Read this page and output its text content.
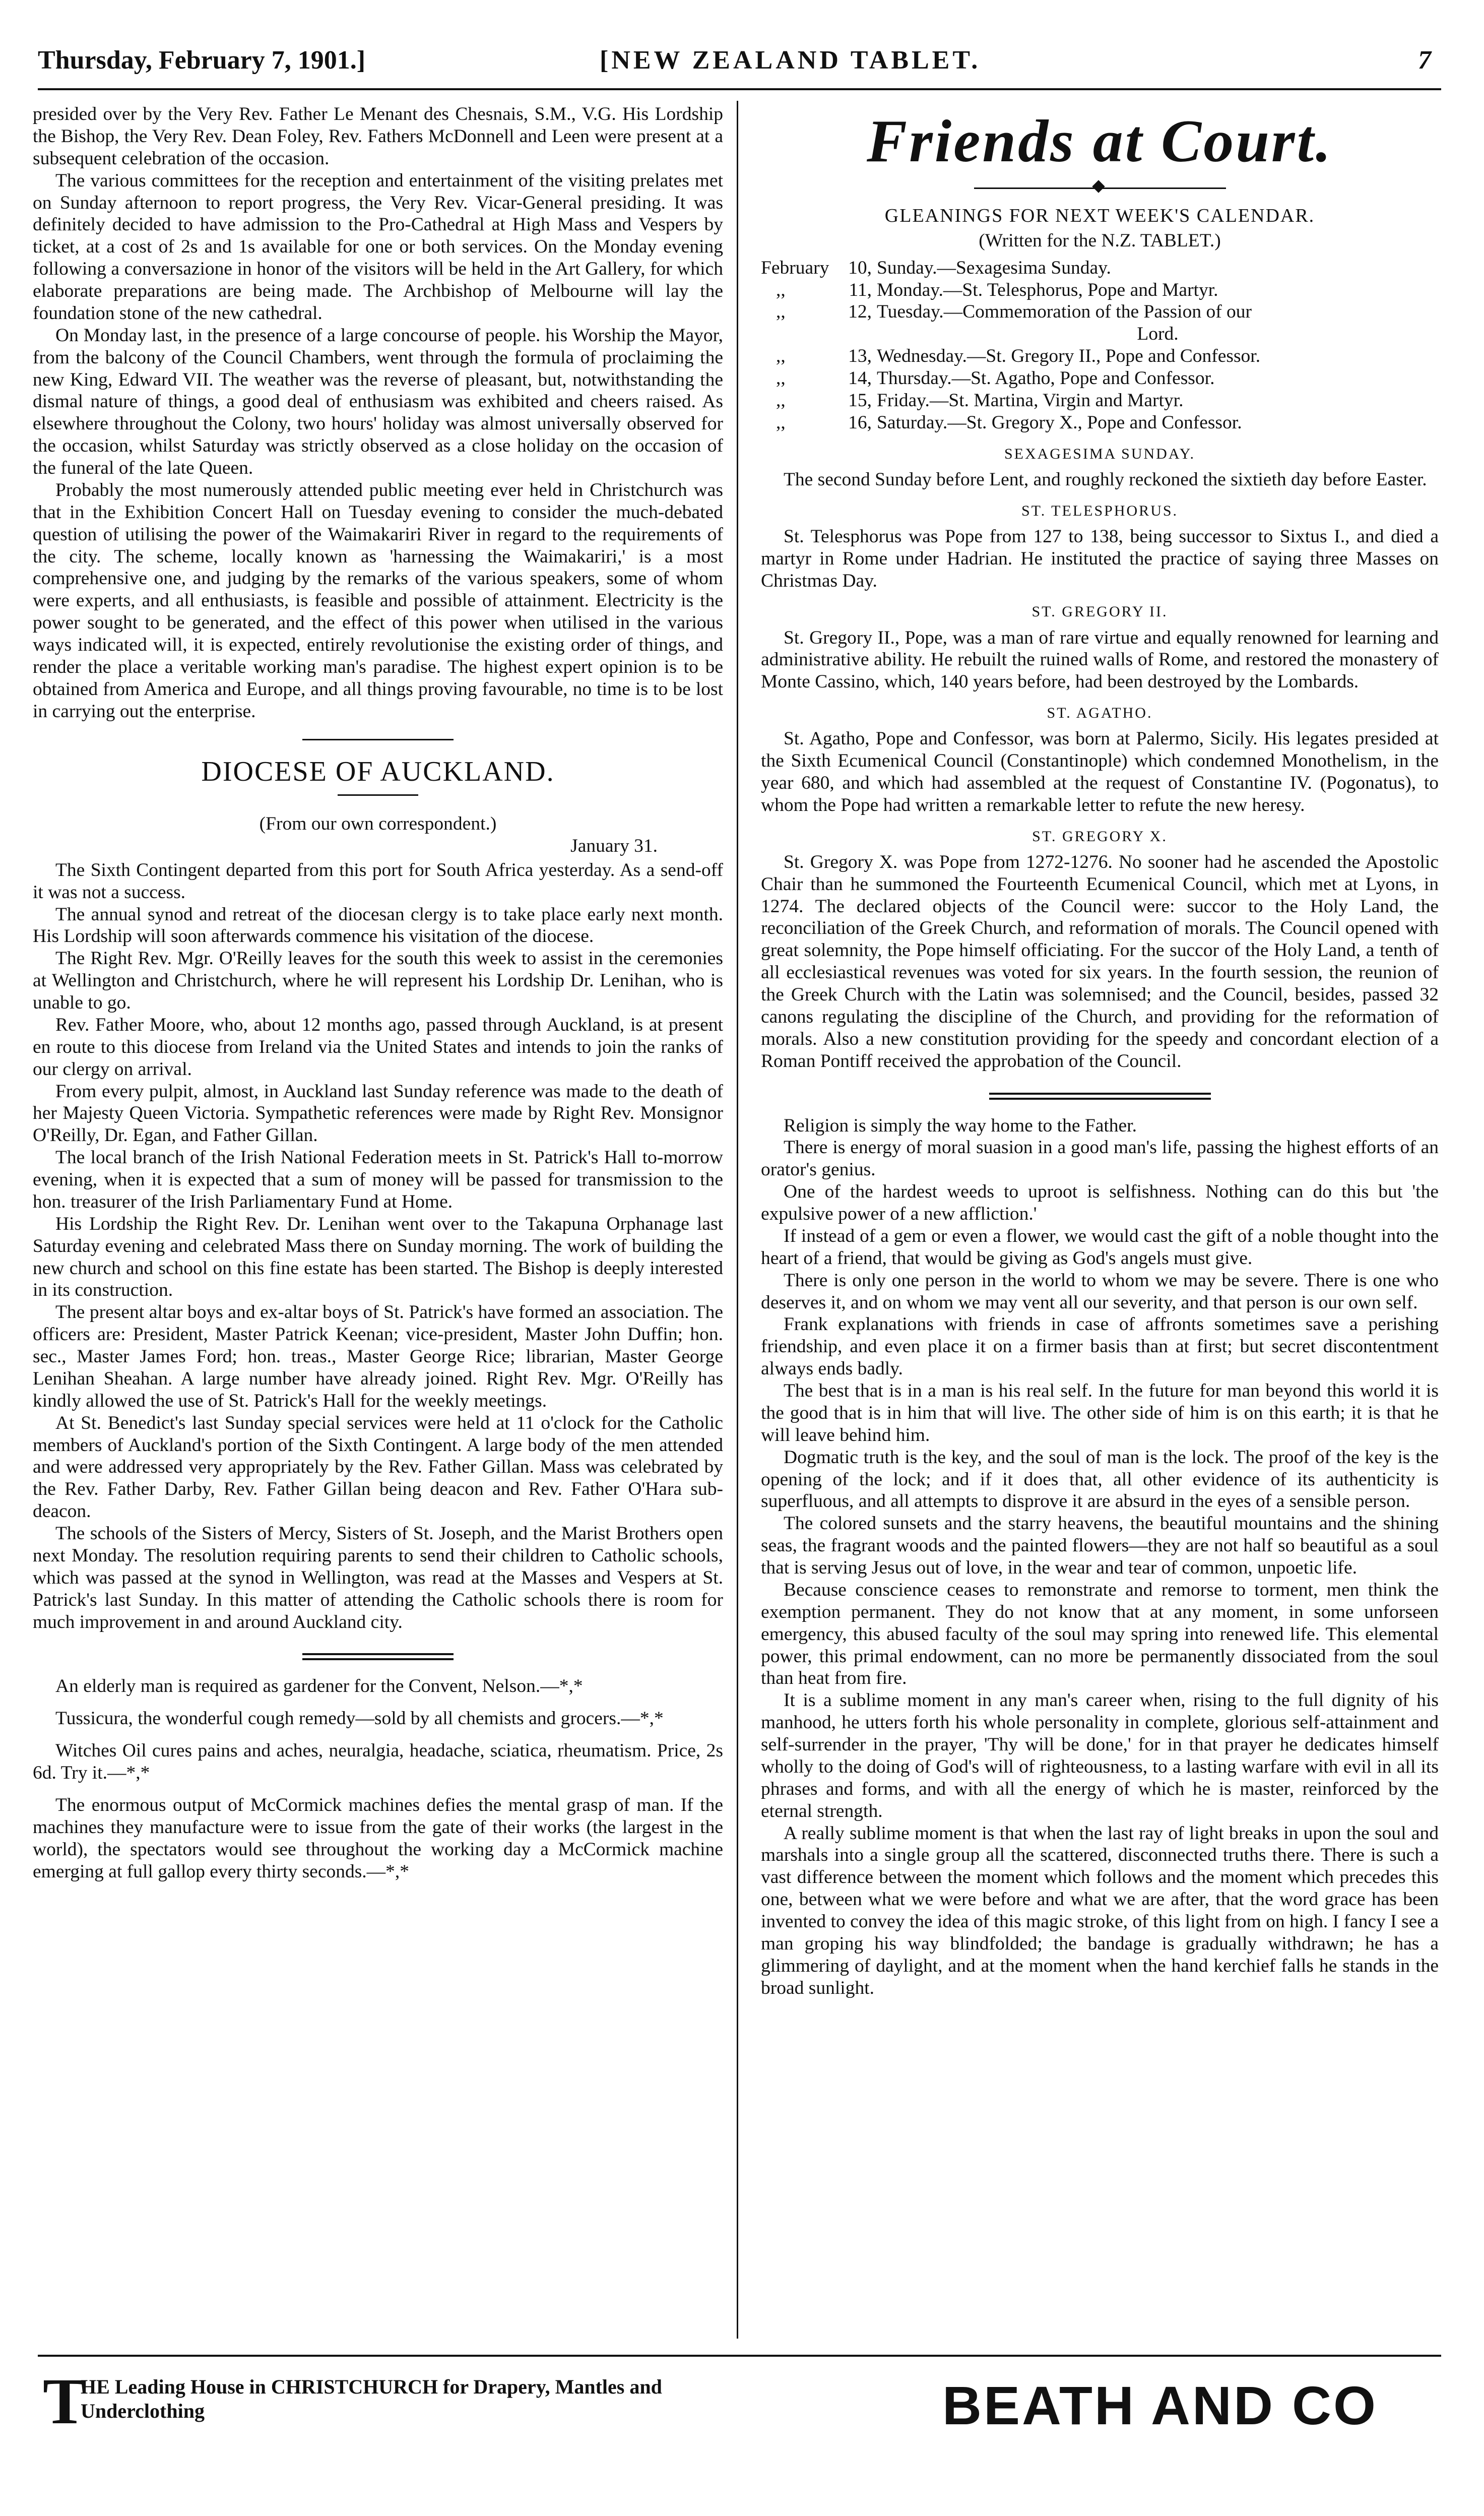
Thursday, February 7, 1901.]	[NEW ZEALAND TABLET.	7

presided over by the Very Rev. Father Le Menant des Chesnais, S.M., V.G. His Lordship the Bishop, the Very Rev. Dean Foley, Rev. Fathers McDonnell and Leen were present at a subsequent celebration of the occasion.

The various committees for the reception and entertainment of the visiting prelates met on Sunday afternoon to report progress, the Very Rev. Vicar-General presiding. It was definitely decided to have admission to the Pro-Cathedral at High Mass and Vespers by ticket, at a cost of 2s and 1s available for one or both services. On the Monday evening following a conversazione in honor of the visitors will be held in the Art Gallery, for which elaborate preparations are being made. The Archbishop of Melbourne will lay the foundation stone of the new cathedral.

On Monday last, in the presence of a large concourse of people. his Worship the Mayor, from the balcony of the Council Chambers, went through the formula of proclaiming the new King, Edward VII. The weather was the reverse of pleasant, but, notwithstanding the dismal nature of things, a good deal of enthusiasm was exhibited and cheers raised. As elsewhere throughout the Colony, two hours' holiday was almost universally observed for the occasion, whilst Saturday was strictly observed as a close holiday on the occasion of the funeral of the late Queen.

Probably the most numerously attended public meeting ever held in Christchurch was that in the Exhibition Concert Hall on Tuesday evening to consider the much-debated question of utilising the power of the Waimakariri River in regard to the requirements of the city. The scheme, locally known as 'harnessing the Waimakariri,' is a most comprehensive one, and judging by the remarks of the various speakers, some of whom were experts, and all enthusiasts, is feasible and possible of attainment. Electricity is the power sought to be generated, and the effect of this power when utilised in the various ways indicated will, it is expected, entirely revolutionise the existing order of things, and render the place a veritable working man's paradise. The highest expert opinion is to be obtained from America and Europe, and all things proving favourable, no time is to be lost in carrying out the enterprise.

DIOCESE OF AUCKLAND.

(From our own correspondent.)

January 31.

The Sixth Contingent departed from this port for South Africa yesterday. As a send-off it was not a success.

The annual synod and retreat of the diocesan clergy is to take place early next month. His Lordship will soon afterwards commence his visitation of the diocese.

The Right Rev. Mgr. O'Reilly leaves for the south this week to assist in the ceremonies at Wellington and Christchurch, where he will represent his Lordship Dr. Lenihan, who is unable to go.

Rev. Father Moore, who, about 12 months ago, passed through Auckland, is at present en route to this diocese from Ireland via the United States and intends to join the ranks of our clergy on arrival.

From every pulpit, almost, in Auckland last Sunday reference was made to the death of her Majesty Queen Victoria. Sympathetic references were made by Right Rev. Monsignor O'Reilly, Dr. Egan, and Father Gillan.

The local branch of the Irish National Federation meets in St. Patrick's Hall to-morrow evening, when it is expected that a sum of money will be passed for transmission to the hon. treasurer of the Irish Parliamentary Fund at Home.

His Lordship the Right Rev. Dr. Lenihan went over to the Takapuna Orphanage last Saturday evening and celebrated Mass there on Sunday morning. The work of building the new church and school on this fine estate has been started. The Bishop is deeply interested in its construction.

The present altar boys and ex-altar boys of St. Patrick's have formed an association. The officers are: President, Master Patrick Keenan; vice-president, Master John Duffin; hon. sec., Master James Ford; hon. treas., Master George Rice; librarian, Master George Lenihan Sheahan. A large number have already joined. Right Rev. Mgr. O'Reilly has kindly allowed the use of St. Patrick's Hall for the weekly meetings.

At St. Benedict's last Sunday special services were held at 11 o'clock for the Catholic members of Auckland's portion of the Sixth Contingent. A large body of the men attended and were addressed very appropriately by the Rev. Father Gillan. Mass was celebrated by the Rev. Father Darby, Rev. Father Gillan being deacon and Rev. Father O'Hara sub-deacon.

The schools of the Sisters of Mercy, Sisters of St. Joseph, and the Marist Brothers open next Monday. The resolution requiring parents to send their children to Catholic schools, which was passed at the synod in Wellington, was read at the Masses and Vespers at St. Patrick's last Sunday. In this matter of attending the Catholic schools there is room for much improvement in and around Auckland city.

An elderly man is required as gardener for the Convent, Nelson.—*,*

Tussicura, the wonderful cough remedy—sold by all chemists and grocers.—*,*

Witches Oil cures pains and aches, neuralgia, headache, sciatica, rheumatism. Price, 2s 6d. Try it.—*,*

The enormous output of McCormick machines defies the mental grasp of man. If the machines they manufacture were to issue from the gate of their works (the largest in the world), the spectators would see throughout the working day a McCormick machine emerging at full gallop every thirty seconds.—*,*

Friends at Court.
GLEANINGS FOR NEXT WEEK'S CALENDAR.
(Written for the N.Z. TABLET.)
February	10, Sunday.—Sexagesima Sunday.
,,	11, Monday.—St. Telesphorus, Pope and Martyr.
,,	12, Tuesday.—Commemoration of the Passion of our
Lord.
,,	13, Wednesday.—St. Gregory II., Pope and Confessor.
,,	14, Thursday.—St. Agatho, Pope and Confessor.
,,	15, Friday.—St. Martina, Virgin and Martyr.
,,	16, Saturday.—St. Gregory X., Pope and Confessor.
SEXAGESIMA SUNDAY.

The second Sunday before Lent, and roughly reckoned the sixtieth day before Easter.

ST. TELESPHORUS.

St. Telesphorus was Pope from 127 to 138, being successor to Sixtus I., and died a martyr in Rome under Hadrian. He instituted the practice of saying three Masses on Christmas Day.

ST. GREGORY II.

St. Gregory II., Pope, was a man of rare virtue and equally renowned for learning and administrative ability. He rebuilt the ruined walls of Rome, and restored the monastery of Monte Cassino, which, 140 years before, had been destroyed by the Lombards.

ST. AGATHO.

St. Agatho, Pope and Confessor, was born at Palermo, Sicily. His legates presided at the Sixth Ecumenical Council (Constantinople) which condemned Monothelism, in the year 680, and which had assembled at the request of Constantine IV. (Pogonatus), to whom the Pope had written a remarkable letter to refute the new heresy.

ST. GREGORY X.

St. Gregory X. was Pope from 1272-1276. No sooner had he ascended the Apostolic Chair than he summoned the Fourteenth Ecumenical Council, which met at Lyons, in 1274. The declared objects of the Council were: succor to the Holy Land, the reconciliation of the Greek Church, and reformation of morals. The Council opened with great solemnity, the Pope himself officiating. For the succor of the Holy Land, a tenth of all ecclesiastical revenues was voted for six years. In the fourth session, the reunion of the Greek Church with the Latin was solemnised; and the Council, besides, passed 32 canons regulating the discipline of the Church, and providing for the reformation of morals. Also a new constitution providing for the speedy and concordant election of a Roman Pontiff received the approbation of the Council.

Religion is simply the way home to the Father.

There is energy of moral suasion in a good man's life, passing the highest efforts of an orator's genius.

One of the hardest weeds to uproot is selfishness. Nothing can do this but 'the expulsive power of a new affliction.'

If instead of a gem or even a flower, we would cast the gift of a noble thought into the heart of a friend, that would be giving as God's angels must give.

There is only one person in the world to whom we may be severe. There is one who deserves it, and on whom we may vent all our severity, and that person is our own self.

Frank explanations with friends in case of affronts sometimes save a perishing friendship, and even place it on a firmer basis than at first; but secret discontentment always ends badly.

The best that is in a man is his real self. In the future for man beyond this world it is the good that is in him that will live. The other side of him is on this earth; it is that he will leave behind him.

Dogmatic truth is the key, and the soul of man is the lock. The proof of the key is the opening of the lock; and if it does that, all other evidence of its authenticity is superfluous, and all attempts to disprove it are absurd in the eyes of a sensible person.

The colored sunsets and the starry heavens, the beautiful mountains and the shining seas, the fragrant woods and the painted flowers—they are not half so beautiful as a soul that is serving Jesus out of love, in the wear and tear of common, unpoetic life.

Because conscience ceases to remonstrate and remorse to torment, men think the exemption permanent. They do not know that at any moment, in some unforseen emergency, this abused faculty of the soul may spring into renewed life. This elemental power, this primal endowment, can no more be permanently dissociated from the soul than heat from fire.

It is a sublime moment in any man's career when, rising to the full dignity of his manhood, he utters forth his whole personality in complete, glorious self-attainment and self-surrender in the prayer, 'Thy will be done,' for in that prayer he dedicates himself wholly to the doing of God's will of righteousness, to a lasting warfare with evil in all its phrases and forms, and with all the energy of which he is master, reinforced by the eternal strength.

A really sublime moment is that when the last ray of light breaks in upon the soul and marshals into a single group all the scattered, disconnected truths there. There is such a vast difference between the moment which follows and the moment which precedes this one, between what we were before and what we are after, that the word grace has been invented to convey the idea of this magic stroke, of this light from on high. I fancy I see a man groping his way blindfolded; the bandage is gradually withdrawn; he has a glimmering of daylight, and at the moment when the hand kerchief falls he stands in the broad sunlight.

T
HE Leading House in CHRISTCHURCH for Drapery, Mantles and
Underclothing	BEATH AND CO
